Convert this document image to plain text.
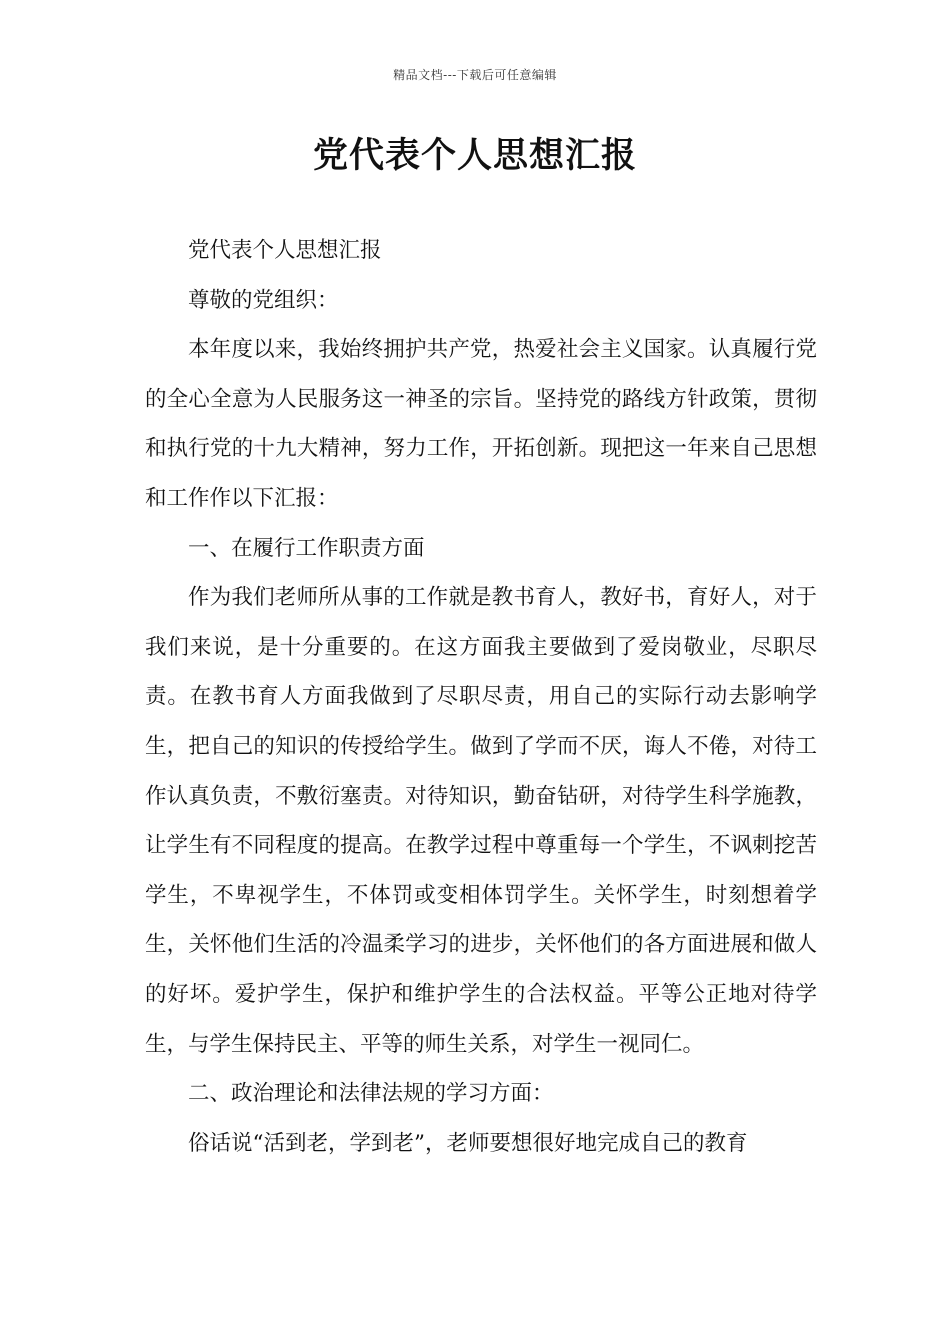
精品文档---下载后可任意编辑
党代表个人思想汇报

党代表个人思想汇报

尊敬的党组织：

本年度以来，我始终拥护共产党，热爱社会主义国家。认真履行党的全心全意为人民服务这一神圣的宗旨。坚持党的路线方针政策，贯彻和执行党的十九大精神，努力工作，开拓创新。现把这一年来自己思想和工作作以下汇报：

一、在履行工作职责方面

作为我们老师所从事的工作就是教书育人，教好书，育好人，对于我们来说，是十分重要的。在这方面我主要做到了爱岗敬业，尽职尽责。在教书育人方面我做到了尽职尽责，用自己的实际行动去影响学生，把自己的知识的传授给学生。做到了学而不厌，诲人不倦，对待工作认真负责，不敷衍塞责。对待知识，勤奋钻研，对待学生科学施教，让学生有不同程度的提高。在教学过程中尊重每一个学生，不讽刺挖苦学生，不卑视学生，不体罚或变相体罚学生。关怀学生，时刻想着学生，关怀他们生活的冷温柔学习的进步，关怀他们的各方面进展和做人的好坏。爱护学生，保护和维护学生的合法权益。平等公正地对待学生，与学生保持民主、平等的师生关系，对学生一视同仁。

二、政治理论和法律法规的学习方面：

俗话说“活到老，学到老”，老师要想很好地完成自己的教育
